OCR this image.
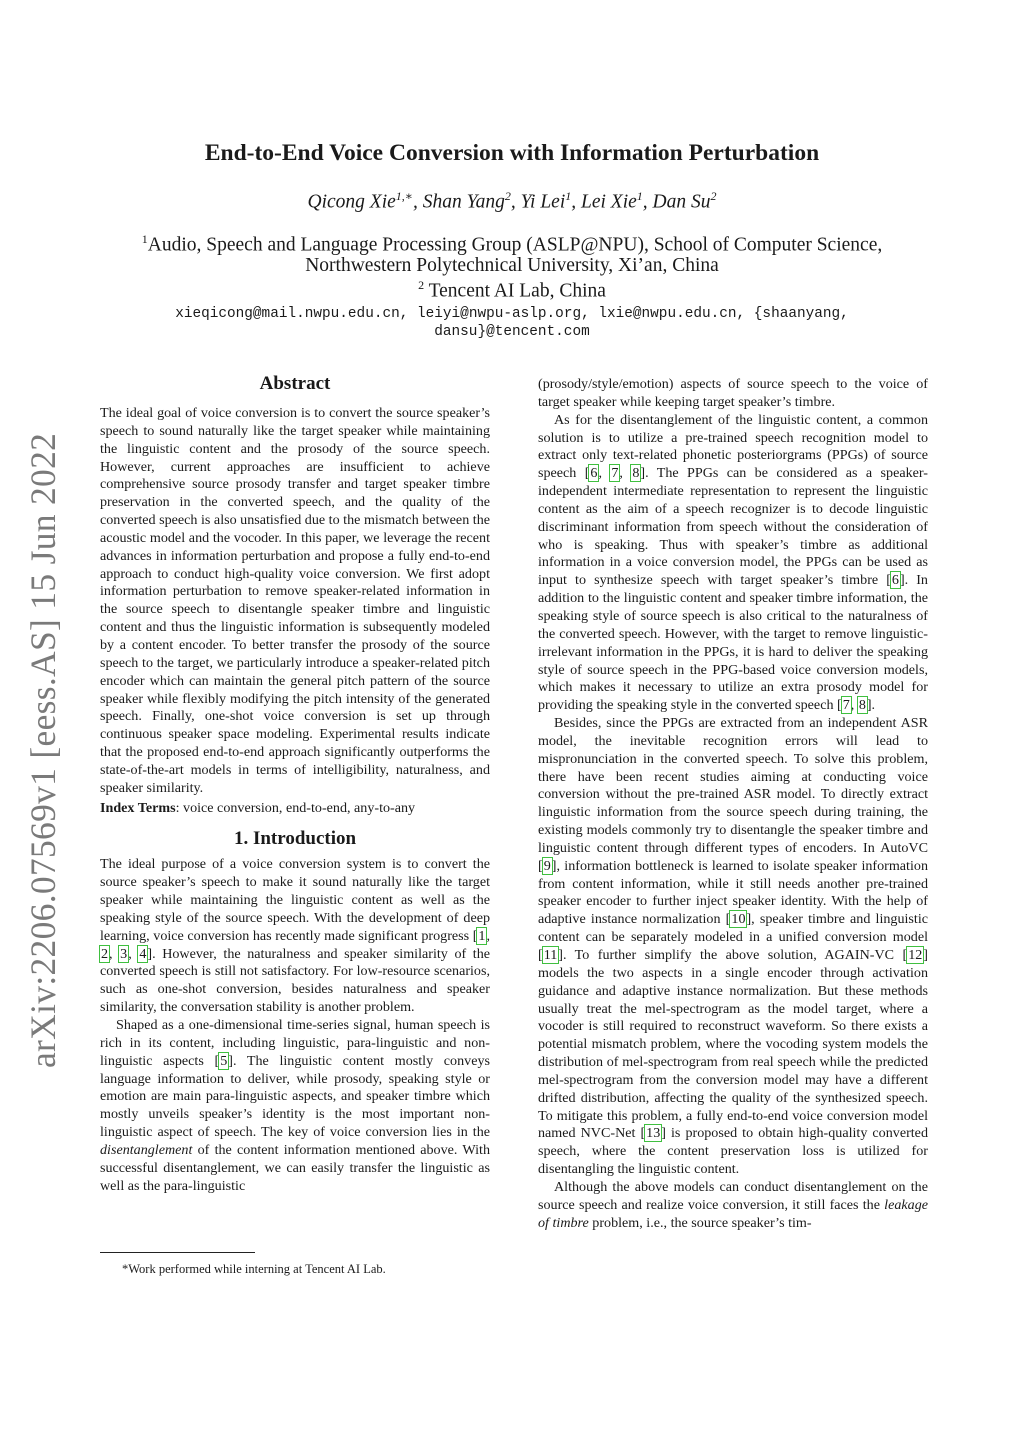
arXiv:2206.07569v1 [eess.AS] 15 Jun 2022
End-to-End Voice Conversion with Information Perturbation
Qicong Xie$^{1,∗}$, Shan Yang$^2$, Yi Lei$^1$, Lei Xie$^1$, Dan Su$^2$
$^1$Audio, Speech and Language Processing Group (ASLP@NPU), School of Computer Science,
Northwestern Polytechnical University, Xi’an, China
$^2$ Tencent AI Lab, China
xieqicong@mail.nwpu.edu.cn, leiyi@nwpu-aslp.org, lxie@nwpu.edu.cn, {shaanyang,
dansu}@tencent.com
Abstract

The ideal goal of voice conversion is to convert the source speaker’s speech to sound naturally like the target speaker while maintaining the linguistic content and the prosody of the source speech. However, current approaches are insufficient to achieve comprehensive source prosody transfer and target speaker timbre preservation in the converted speech, and the quality of the converted speech is also unsatisfied due to the mismatch between the acoustic model and the vocoder. In this paper, we leverage the recent advances in information perturbation and propose a fully end-to-end approach to conduct high-quality voice conversion. We first adopt information perturbation to remove speaker-related information in the source speech to disentangle speaker timbre and linguistic content and thus the linguistic information is subsequently modeled by a content encoder. To better transfer the prosody of the source speech to the target, we particularly introduce a speaker-related pitch encoder which can maintain the general pitch pattern of the source speaker while flexibly modifying the pitch intensity of the generated speech. Finally, one-shot voice conversion is set up through continuous speaker space modeling. Experimental results indicate that the proposed end-to-end approach significantly outperforms the state-of-the-art models in terms of intelligibility, naturalness, and speaker similarity.

Index Terms: voice conversion, end-to-end, any-to-any

1. Introduction

The ideal purpose of a voice conversion system is to convert the source speaker’s speech to make it sound naturally like the target speaker while maintaining the linguistic content as well as the speaking style of the source speech. With the development of deep learning, voice conversion has recently made significant progress [1, 2, 3, 4]. However, the naturalness and speaker similarity of the converted speech is still not satisfactory. For low-resource scenarios, such as one-shot conversion, besides naturalness and speaker similarity, the conversation stability is another problem.

Shaped as a one-dimensional time-series signal, human speech is rich in its content, including linguistic, para-linguistic and non-linguistic aspects [5]. The linguistic content mostly conveys language information to deliver, while prosody, speaking style or emotion are main para-linguistic aspects, and speaker timbre which mostly unveils speaker’s identity is the most important non-linguistic aspect of speech. The key of voice conversion lies in the disentanglement of the content information mentioned above. With successful disentanglement, we can easily transfer the linguistic as well as the para-linguistic

(prosody/style/emotion) aspects of source speech to the voice of target speaker while keeping target speaker’s timbre.

As for the disentanglement of the linguistic content, a common solution is to utilize a pre-trained speech recognition model to extract only text-related phonetic posteriorgrams (PPGs) of source speech [6, 7, 8]. The PPGs can be considered as a speaker-independent intermediate representation to represent the linguistic content as the aim of a speech recognizer is to decode linguistic discriminant information from speech without the consideration of who is speaking. Thus with speaker’s timbre as additional information in a voice conversion model, the PPGs can be used as input to synthesize speech with target speaker’s timbre [6]. In addition to the linguistic content and speaker timbre information, the speaking style of source speech is also critical to the naturalness of the converted speech. However, with the target to remove linguistic-irrelevant information in the PPGs, it is hard to deliver the speaking style of source speech in the PPG-based voice conversion models, which makes it necessary to utilize an extra prosody model for providing the speaking style in the converted speech [7, 8].

Besides, since the PPGs are extracted from an independent ASR model, the inevitable recognition errors will lead to mispronunciation in the converted speech. To solve this problem, there have been recent studies aiming at conducting voice conversion without the pre-trained ASR model. To directly extract linguistic information from the source speech during training, the existing models commonly try to disentangle the speaker timbre and linguistic content through different types of encoders. In AutoVC [9], information bottleneck is learned to isolate speaker information from content information, while it still needs another pre-trained speaker encoder to further inject speaker identity. With the help of adaptive instance normalization [10], speaker timbre and linguistic content can be separately modeled in a unified conversion model [11]. To further simplify the above solution, AGAIN-VC [12] models the two aspects in a single encoder through activation guidance and adaptive instance normalization. But these methods usually treat the mel-spectrogram as the model target, where a vocoder is still required to reconstruct waveform. So there exists a potential mismatch problem, where the vocoding system models the distribution of mel-spectrogram from real speech while the predicted mel-spectrogram from the conversion model may have a different drifted distribution, affecting the quality of the synthesized speech. To mitigate this problem, a fully end-to-end voice conversion model named NVC-Net [13] is proposed to obtain high-quality converted speech, where the content preservation loss is utilized for disentangling the linguistic content.

Although the above models can conduct disentanglement on the source speech and realize voice conversion, it still faces the leakage of timbre problem, i.e., the source speaker’s tim-

*Work performed while interning at Tencent AI Lab.
